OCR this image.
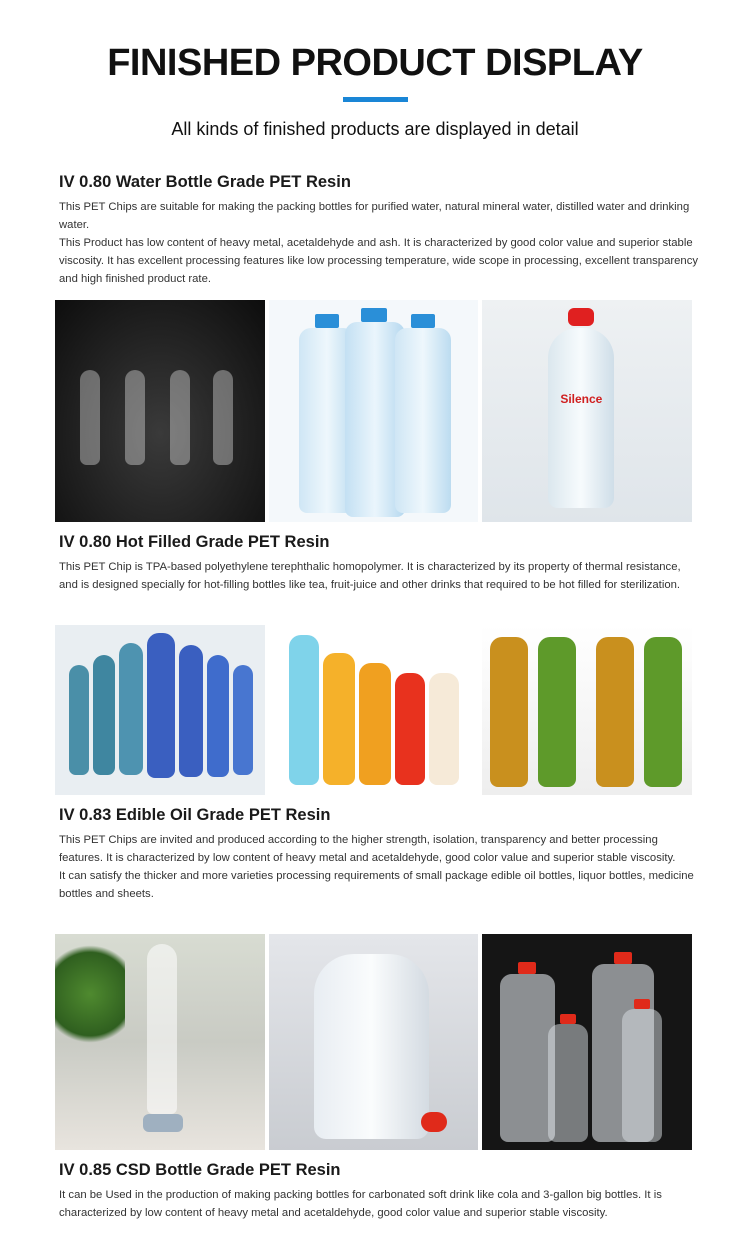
FINISHED PRODUCT DISPLAY
All kinds of finished products are displayed in detail
IV 0.80 Water Bottle Grade PET Resin

This PET Chips are suitable for making the packing bottles for purified water, natural mineral water, distilled water and drinking water.

This Product has low content of heavy metal, acetaldehyde and ash. It is characterized by good color value and superior stable viscosity. It has excellent processing features like low processing temperature, wide scope in processing, excellent transparency and high finished product rate.

Silence
IV 0.80 Hot Filled Grade PET Resin

This PET Chip is TPA-based polyethylene terephthalic homopolymer. It is characterized by its property of thermal resistance, and is designed specially for hot-filling bottles like tea, fruit-juice and other drinks that required to be hot filled for sterilization.

IV 0.83 Edible Oil Grade PET Resin

This PET Chips are invited and produced according to the higher strength, isolation, transparency and better processing features. It is characterized by low content of heavy metal and acetaldehyde, good color value and superior stable viscosity.

It can satisfy the thicker and more varieties processing requirements of small package edible oil bottles, liquor bottles, medicine bottles and sheets.

IV 0.85 CSD Bottle Grade PET Resin

It can be Used in the production of making packing bottles for carbonated soft drink like cola and 3-gallon big bottles. It is

characterized by low content of heavy metal and acetaldehyde, good color value and superior stable viscosity.
